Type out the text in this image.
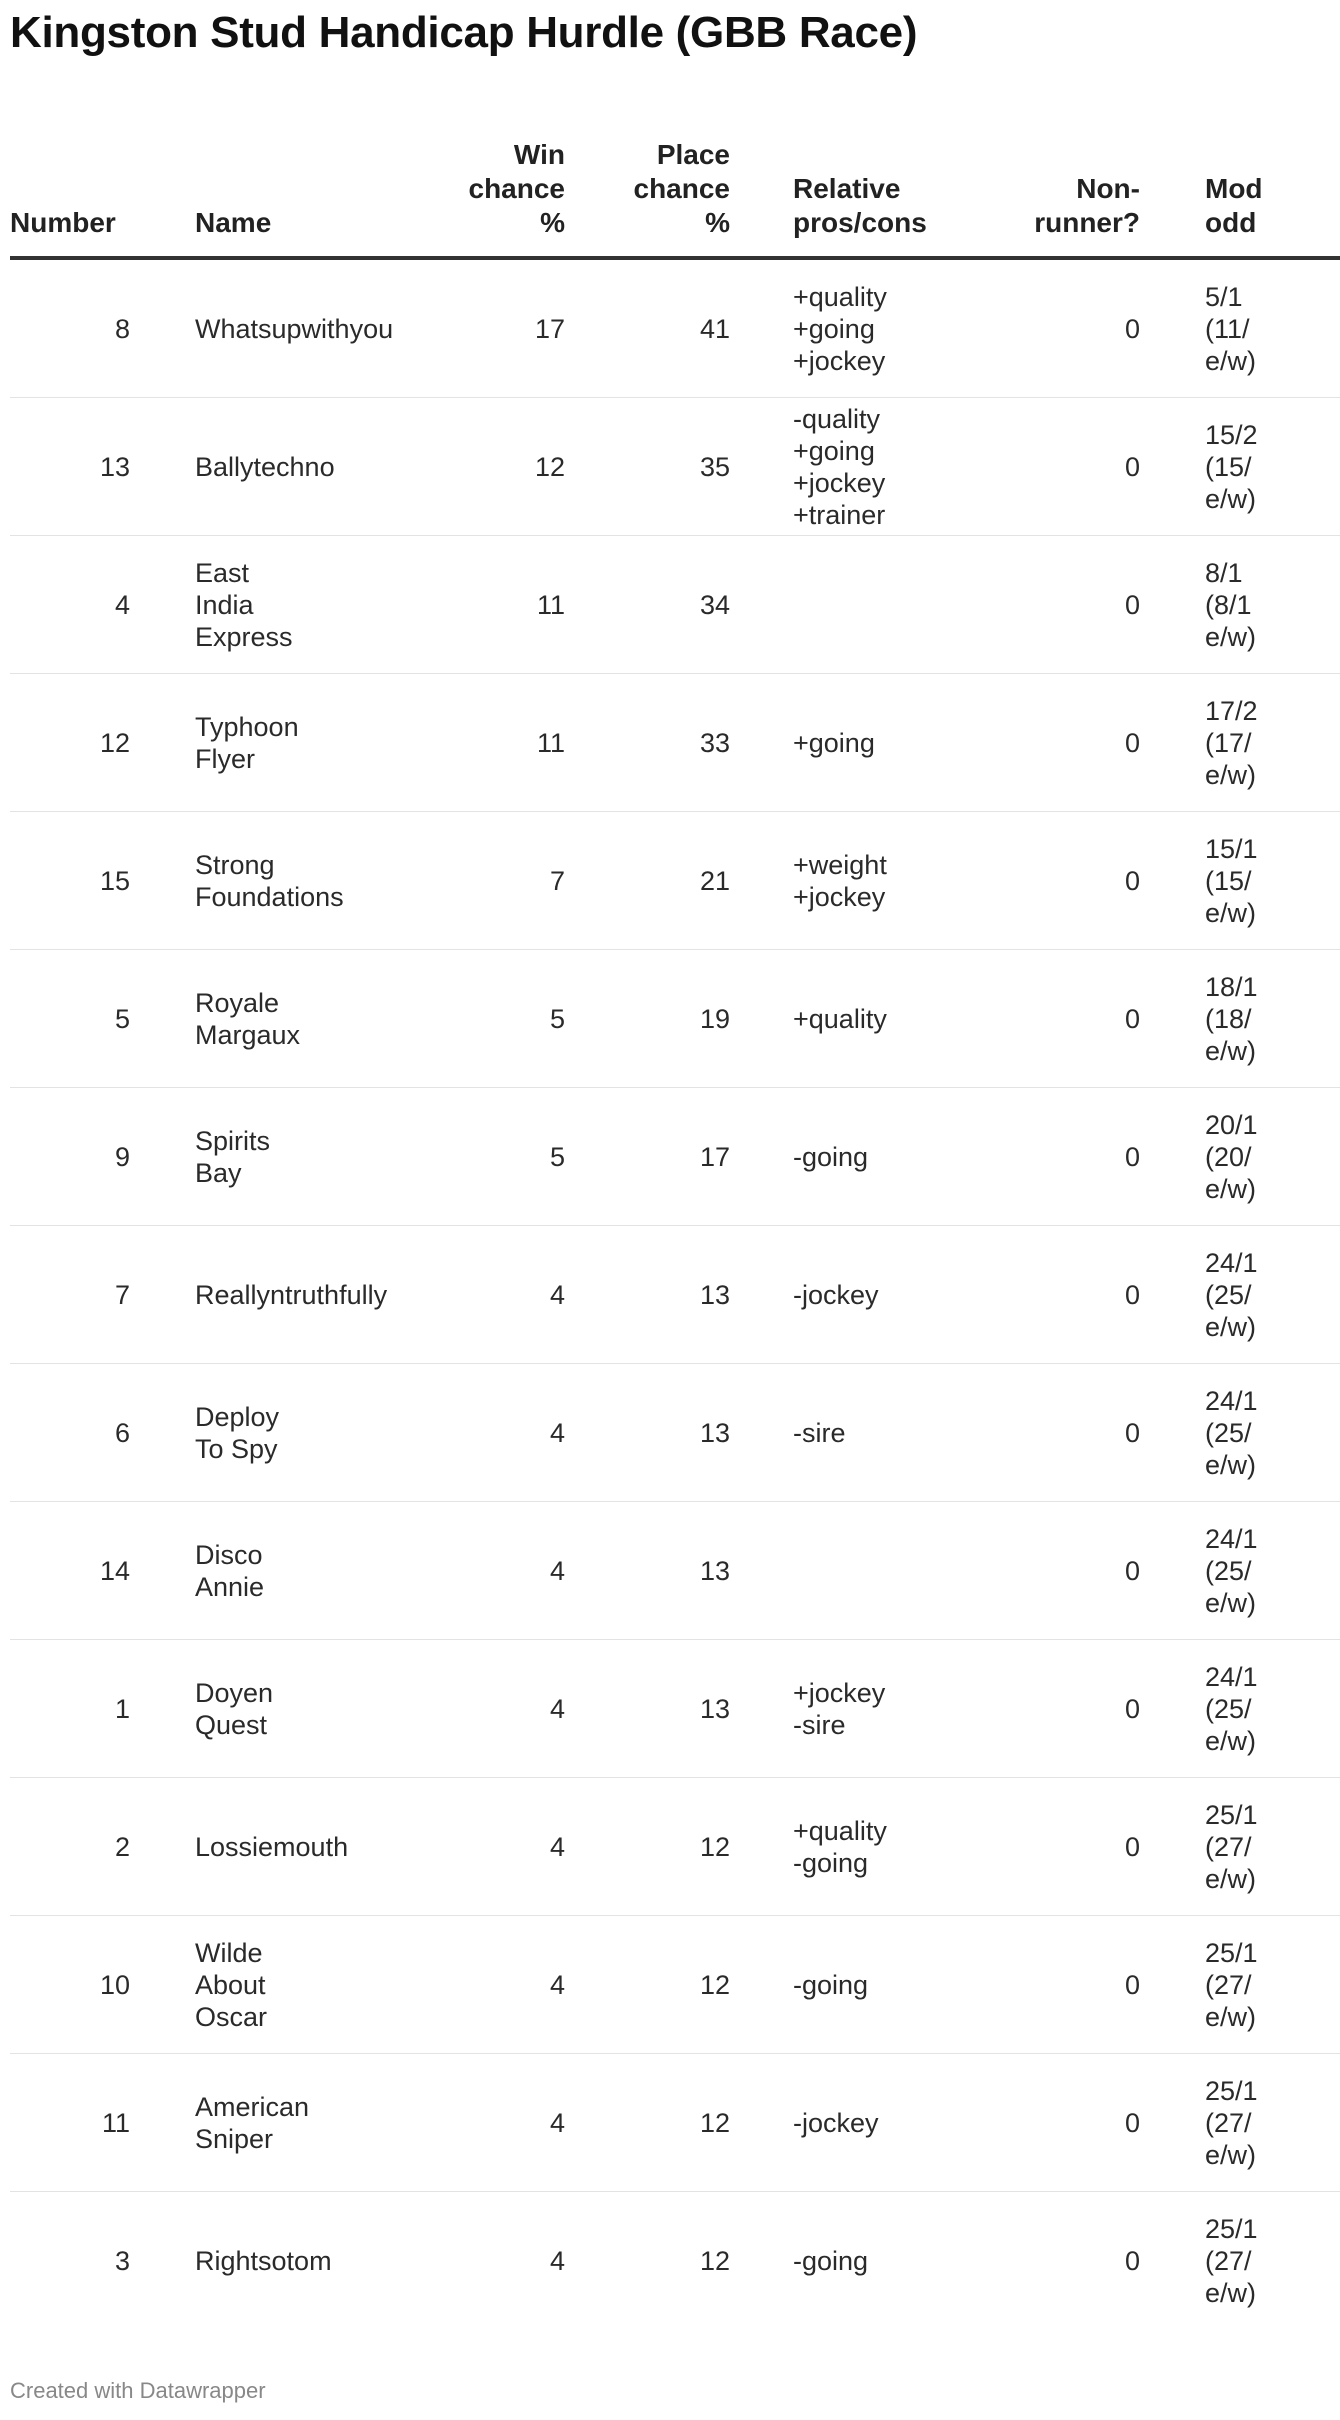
Kingston Stud Handicap Hurdle (GBB Race)
Number	Name	Win
chance
%	Place
chance
%	Relative
pros/cons	Non-
runner?	Mod
odd

8	Whatsupwithyou	17	41	+quality
+going
+jockey	0	5/1
(11/
e/w)
13	Ballytechno	12	35	-quality
+going
+jockey
+trainer	0	15/2
(15/
e/w)
4	East India
Express	11	34		0	8/1
(8/1
e/w)
12	Typhoon Flyer	11	33	+going	0	17/2
(17/
e/w)
15	Strong
Foundations	7	21	+weight
+jockey	0	15/1
(15/
e/w)
5	Royale Margaux	5	19	+quality	0	18/1
(18/
e/w)
9	Spirits Bay	5	17	-going	0	20/1
(20/
e/w)
7	Reallyntruthfully	4	13	-jockey	0	24/1
(25/
e/w)
6	Deploy To Spy	4	13	-sire	0	24/1
(25/
e/w)
14	Disco Annie	4	13		0	24/1
(25/
e/w)
1	Doyen Quest	4	13	+jockey
-sire	0	24/1
(25/
e/w)
2	Lossiemouth	4	12	+quality
-going	0	25/1
(27/
e/w)
10	Wilde About
Oscar	4	12	-going	0	25/1
(27/
e/w)
11	American Sniper	4	12	-jockey	0	25/1
(27/
e/w)
3	Rightsotom	4	12	-going	0	25/1
(27/
e/w)
Created with Datawrapper
